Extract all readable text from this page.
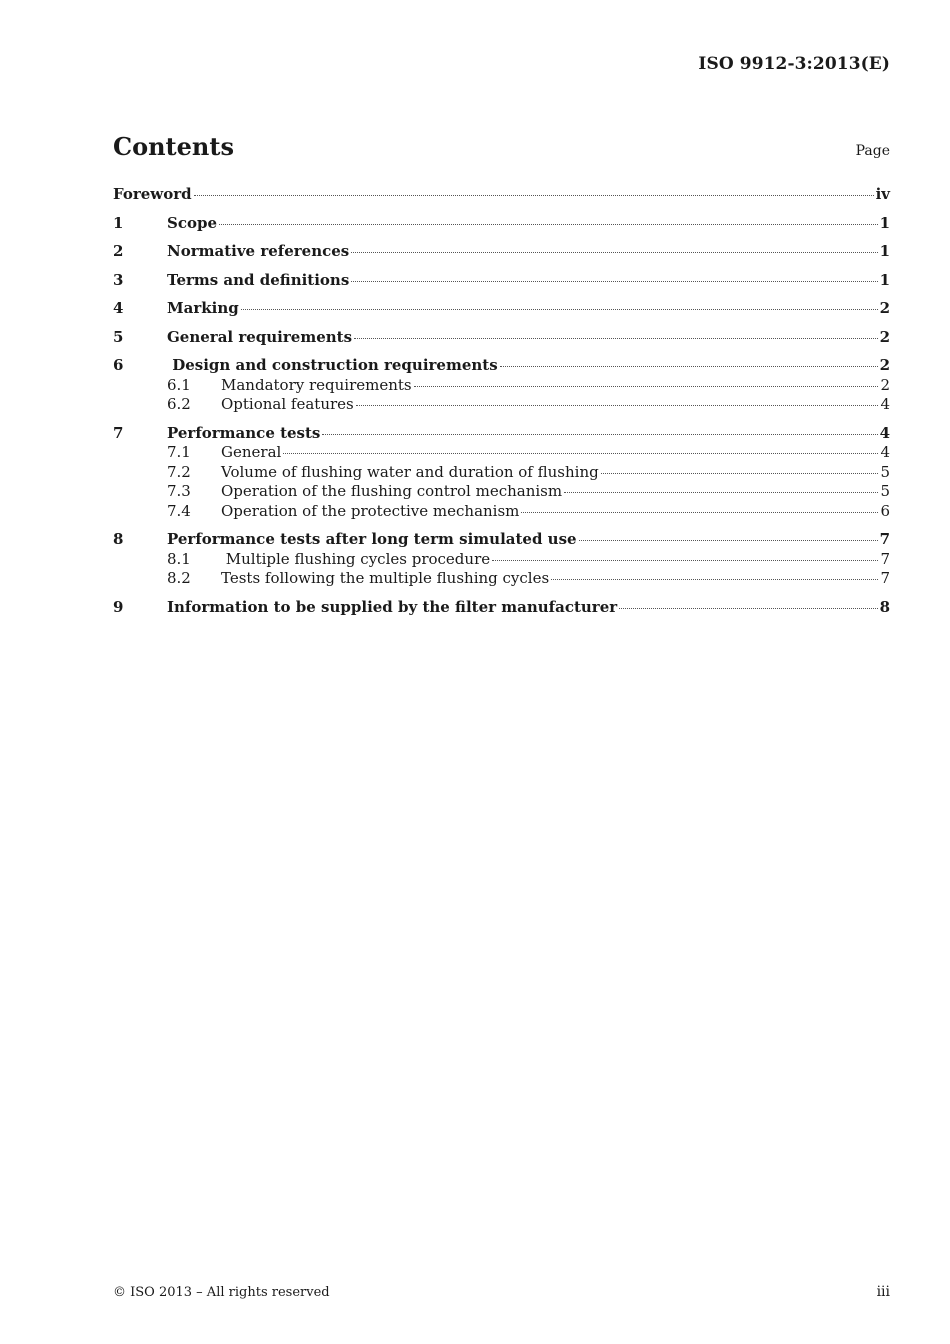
ISO 9912-3:2013(E)
Contents	Page
Foreword	iv
1	Scope	1
2	Normative references	1
3	Terms and definitions	1
4	Marking	2
5	General requirements	2
6	Design and construction requirements	2
6.1	Mandatory requirements	2
6.2	Optional features	4
7	Performance tests	4
7.1	General	4
7.2	Volume of flushing water and duration of flushing	5
7.3	Operation of the flushing control mechanism	5
7.4	Operation of the protective mechanism	6
8	Performance tests after long term simulated use	7
8.1	Multiple flushing cycles procedure	7
8.2	Tests following the multiple flushing cycles	7
9	Information to be supplied by the filter manufacturer	8
© ISO 2013 – All rights reserved	iii
